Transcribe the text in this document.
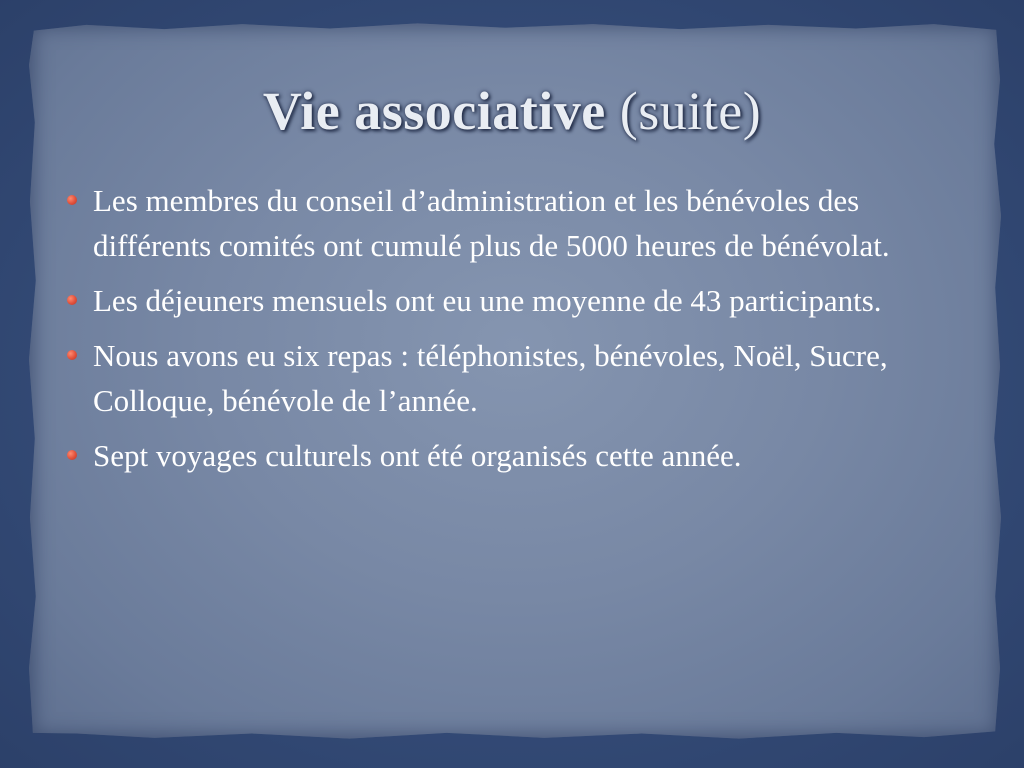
Vie associative (suite)
Les membres du conseil d’administration et les bénévoles des différents comités ont cumulé plus de 5000 heures de bénévolat.
Les déjeuners mensuels ont eu une moyenne de 43 participants.
Nous avons eu six repas : téléphonistes, bénévoles, Noël, Sucre, Colloque, bénévole de l’année.
Sept voyages culturels ont été organisés cette année.
